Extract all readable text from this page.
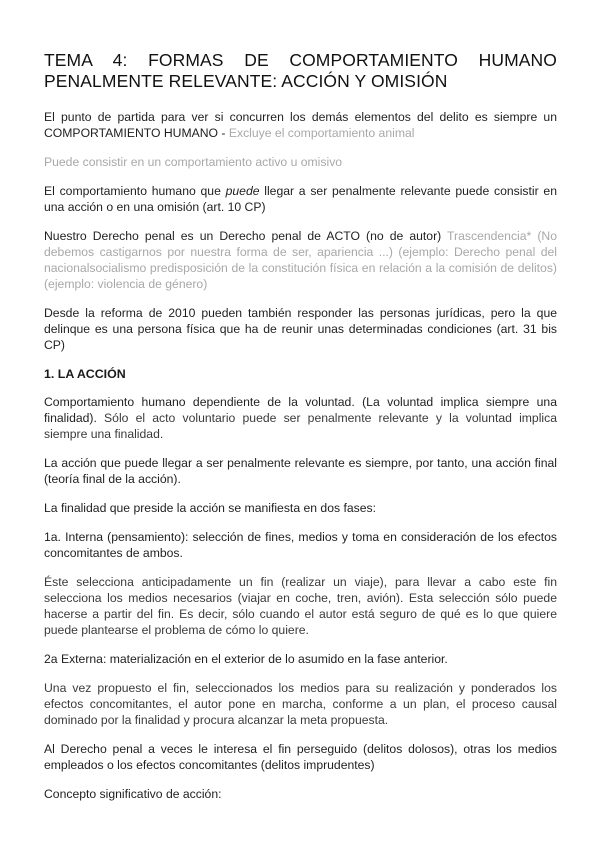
TEMA 4: FORMAS DE COMPORTAMIENTO HUMANO
PENALMENTE RELEVANTE: ACCIÓN Y OMISIÓN

El punto de partida para ver si concurren los demás elementos del delito es siempre un COMPORTAMIENTO HUMANO - Excluye el comportamiento animal

Puede consistir en un comportamiento activo u omisivo

El comportamiento humano que puede llegar a ser penalmente relevante puede consistir en una acción o en una omisión (art. 10 CP)

Nuestro Derecho penal es un Derecho penal de ACTO (no de autor) Trascendencia* (No debemos castigarnos por nuestra forma de ser, apariencia ...) (ejemplo: Derecho penal del nacionalsocialismo predisposición de la constitución física en relación a la comisión de delitos) (ejemplo: violencia de género)

Desde la reforma de 2010 pueden también responder las personas jurídicas, pero la que delinque es una persona física que ha de reunir unas determinadas condiciones (art. 31 bis CP)

1. LA ACCIÓN

Comportamiento humano dependiente de la voluntad. (La voluntad implica siempre una finalidad). Sólo el acto voluntario puede ser penalmente relevante y la voluntad implica siempre una finalidad.

La acción que puede llegar a ser penalmente relevante es siempre, por tanto, una acción final (teoría final de la acción).

La finalidad que preside la acción se manifiesta en dos fases:

1a. Interna (pensamiento): selección de fines, medios y toma en consideración de los efectos concomitantes de ambos.

Éste selecciona anticipadamente un fin (realizar un viaje), para llevar a cabo este fin selecciona los medios necesarios (viajar en coche, tren, avión). Esta selección sólo puede hacerse a partir del fin. Es decir, sólo cuando el autor está seguro de qué es lo que quiere puede plantearse el problema de cómo lo quiere.

2a Externa: materialización en el exterior de lo asumido en la fase anterior.

Una vez propuesto el fin, seleccionados los medios para su realización y ponderados los efectos concomitantes, el autor pone en marcha, conforme a un plan, el proceso causal dominado por la finalidad y procura alcanzar la meta propuesta.

Al Derecho penal a veces le interesa el fin perseguido (delitos dolosos), otras los medios empleados o los efectos concomitantes (delitos imprudentes)

Concepto significativo de acción:
